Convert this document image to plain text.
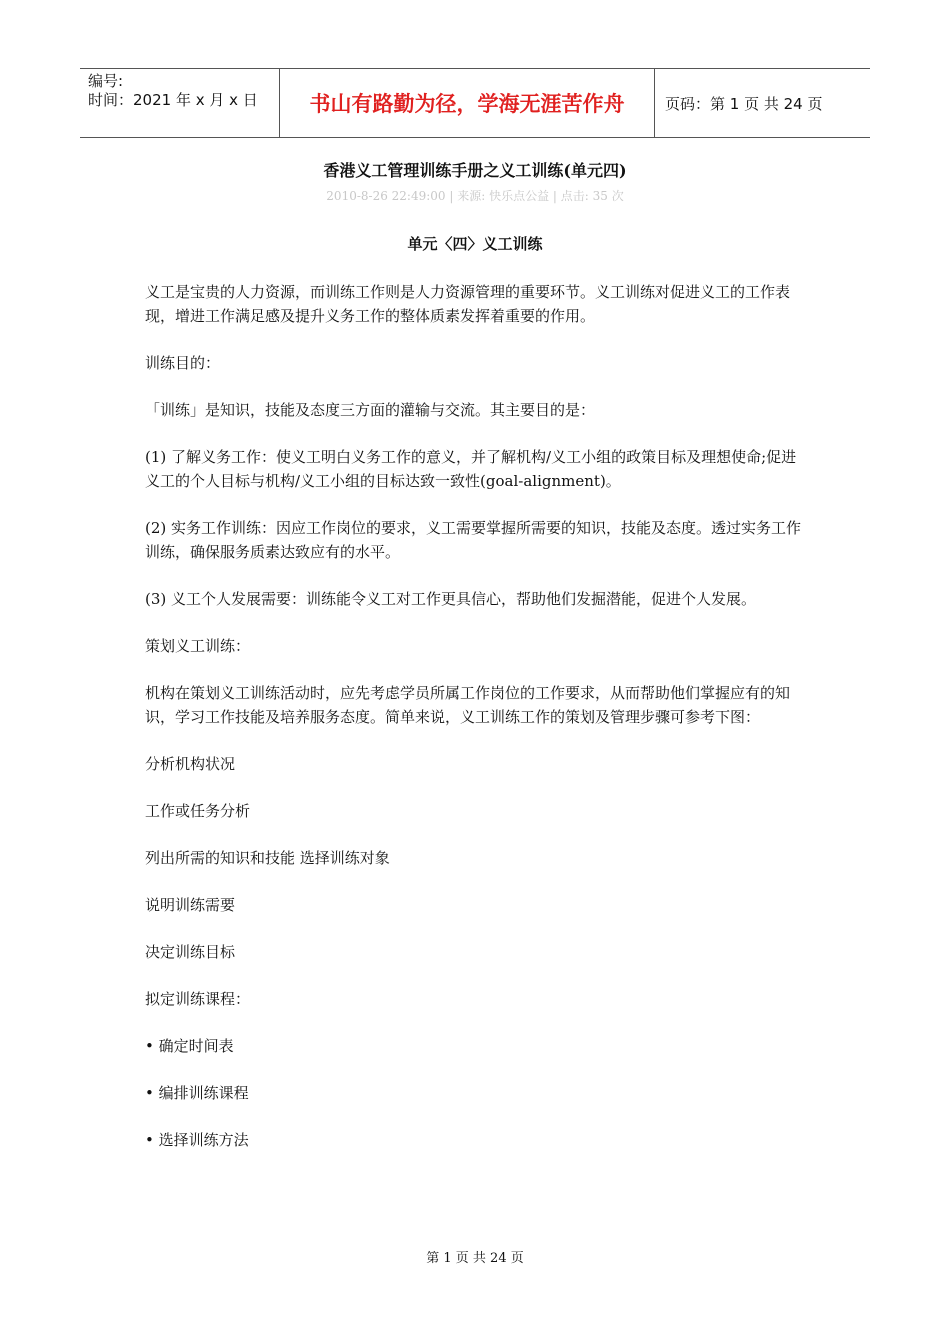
编号:
时间：2021 年 x 月 x 日	书山有路勤为径，学海无涯苦作舟	页码：第 1 页 共 24 页
香港义工管理训练手册之义工训练(单元四)
2010-8-26 22:49:00 | 来源: 快乐点公益 | 点击: 35 次
单元〈四〉义工训练

义工是宝贵的人力资源，而训练工作则是人力资源管理的重要环节。义工训练对促进义工的工作表现，增进工作满足感及提升义务工作的整体质素发挥着重要的作用。

训练目的：

「训练」是知识，技能及态度三方面的灌输与交流。其主要目的是：

(1) 了解义务工作：使义工明白义务工作的意义，并了解机构/义工小组的政策目标及理想使命;促进义工的个人目标与机构/义工小组的目标达致一致性(goal-alignment)。

(2) 实务工作训练：因应工作岗位的要求，义工需要掌握所需要的知识，技能及态度。透过实务工作训练，确保服务质素达致应有的水平。

(3) 义工个人发展需要：训练能令义工对工作更具信心，帮助他们发掘潜能，促进个人发展。

策划义工训练：

机构在策划义工训练活动时，应先考虑学员所属工作岗位的工作要求，从而帮助他们掌握应有的知识，学习工作技能及培养服务态度。简单来说，义工训练工作的策划及管理步骤可参考下图：

分析机构状况

工作或任务分析

列出所需的知识和技能 选择训练对象

说明训练需要

决定训练目标

拟定训练课程：

• 确定时间表

• 编排训练课程

• 选择训练方法

第 1 页 共 24 页
